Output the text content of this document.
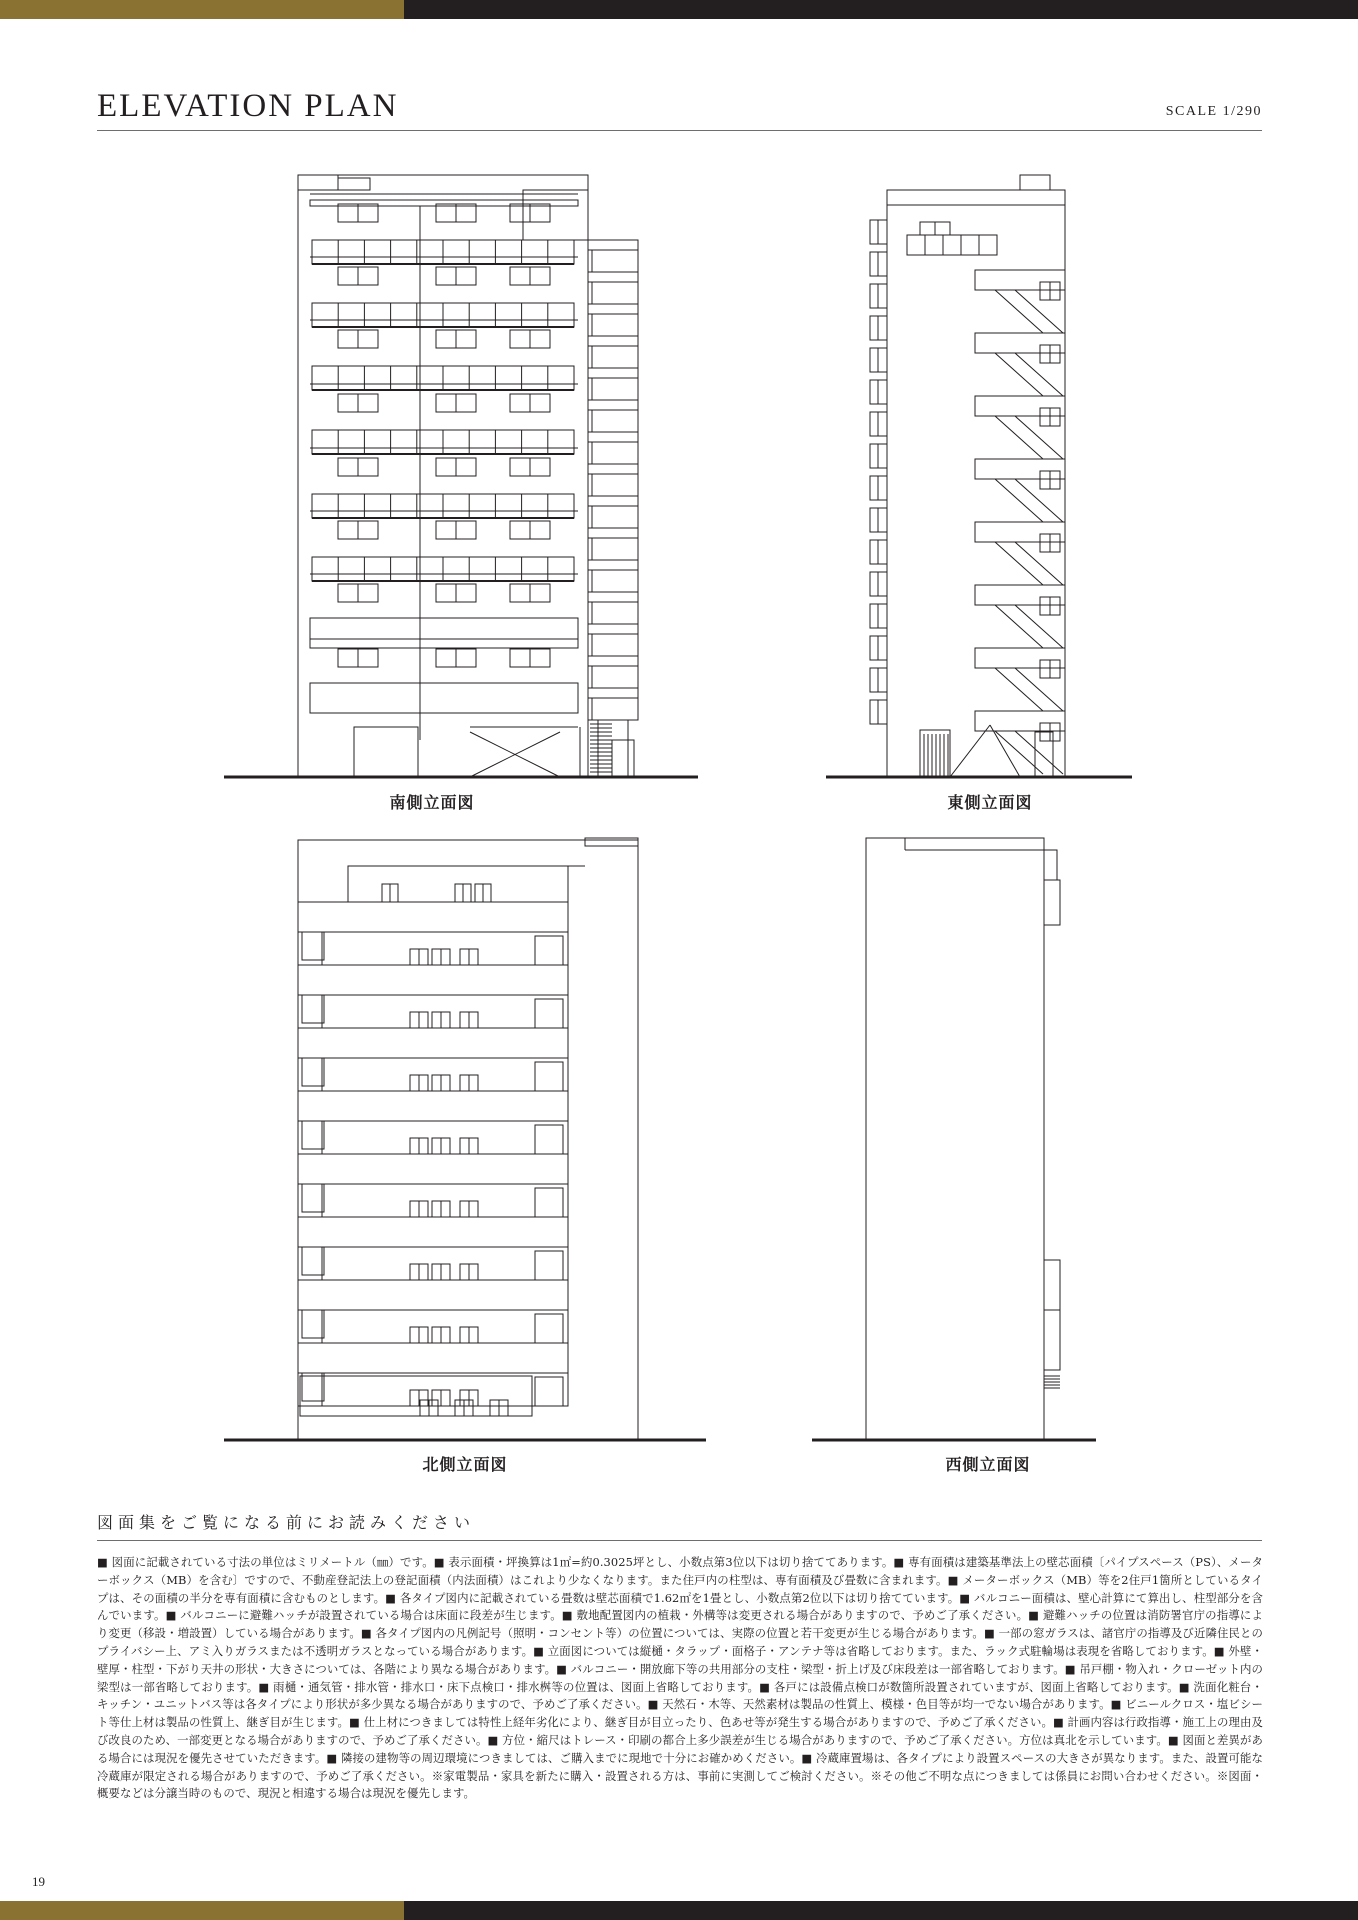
ELEVATION PLAN	SCALE 1/290
南側立面図	東側立面図
北側立面図	西側立面図
図面集をご覧になる前にお読みください
■ 図面に記載されている寸法の単位はミリメートル（㎜）です。■ 表示面積・坪換算は1㎡=約0.3025坪とし、小数点第3位以下は切り捨ててあります。■ 専有面積は建築基準法上の壁芯面積〔パイプスペース（PS）、メーターボックス（MB）を含む〕ですので、不動産登記法上の登記面積（内法面積）はこれより少なくなります。また住戸内の柱型は、専有面積及び畳数に含まれます。■ メーターボックス（MB）等を2住戸1箇所としているタイプは、その面積の半分を専有面積に含むものとします。■ 各タイプ図内に記載されている畳数は壁芯面積で1.62㎡を1畳とし、小数点第2位以下は切り捨てています。■ バルコニー面積は、壁心計算にて算出し、柱型部分を含んでいます。■ バルコニーに避難ハッチが設置されている場合は床面に段差が生じます。■ 敷地配置図内の植栽・外構等は変更される場合がありますので、予めご了承ください。■ 避難ハッチの位置は消防署官庁の指導により変更（移設・増設置）している場合があります。■ 各タイプ図内の凡例記号（照明・コンセント等）の位置については、実際の位置と若干変更が生じる場合があります。■ 一部の窓ガラスは、諸官庁の指導及び近隣住民とのプライバシー上、アミ入りガラスまたは不透明ガラスとなっている場合があります。■ 立面図については縦樋・タラップ・面格子・アンテナ等は省略しております。また、ラック式駐輪場は表現を省略しております。■ 外壁・壁厚・柱型・下がり天井の形状・大きさについては、各階により異なる場合があります。■ バルコニー・開放廊下等の共用部分の支柱・梁型・折上げ及び床段差は一部省略しております。■ 吊戸棚・物入れ・クローゼット内の梁型は一部省略しております。■ 雨樋・通気管・排水管・排水口・床下点検口・排水桝等の位置は、図面上省略しております。■ 各戸には設備点検口が数箇所設置されていますが、図面上省略しております。■ 洗面化粧台・キッチン・ユニットバス等は各タイプにより形状が多少異なる場合がありますので、予めご了承ください。■ 天然石・木等、天然素材は製品の性質上、模様・色目等が均一でない場合があります。■ ビニールクロス・塩ビシート等仕上材は製品の性質上、継ぎ目が生じます。■ 仕上材につきましては特性上経年劣化により、継ぎ目が目立ったり、色あせ等が発生する場合がありますので、予めご了承ください。■ 計画内容は行政指導・施工上の理由及び改良のため、一部変更となる場合がありますので、予めご了承ください。■ 方位・縮尺はトレース・印刷の都合上多少誤差が生じる場合がありますので、予めご了承ください。方位は真北を示しています。■ 図面と差異がある場合には現況を優先させていただきます。■ 隣接の建物等の周辺環境につきましては、ご購入までに現地で十分にお確かめください。■ 冷蔵庫置場は、各タイプにより設置スペースの大きさが異なります。また、設置可能な冷蔵庫が限定される場合がありますので、予めご了承ください。※家電製品・家具を新たに購入・設置される方は、事前に実測してご検討ください。※その他ご不明な点につきましては係員にお問い合わせください。※図面・概要などは分譲当時のもので、現況と相違する場合は現況を優先します。
19
